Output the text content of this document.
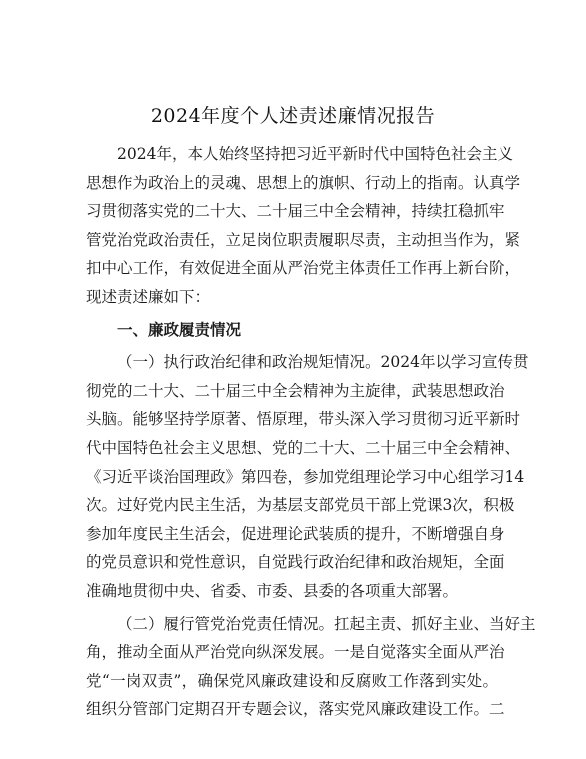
2024年度个人述责述廉情况报告
2024年，本人始终坚持把习近平新时代中国特色社会主义
思想作为政治上的灵魂、思想上的旗帜、行动上的指南。认真学
习贯彻落实党的二十大、二十届三中全会精神，持续扛稳抓牢
管党治党政治责任，立足岗位职责履职尽责，主动担当作为，紧
扣中心工作，有效促进全面从严治党主体责任工作再上新台阶，
现述责述廉如下：
一、廉政履责情况
（一）执行政治纪律和政治规矩情况。2024年以学习宣传贯
彻党的二十大、二十届三中全会精神为主旋律，武装思想政治
头脑。能够坚持学原著、悟原理，带头深入学习贯彻习近平新时
代中国特色社会主义思想、党的二十大、二十届三中全会精神、
《习近平谈治国理政》第四卷，参加党组理论学习中心组学习14
次。过好党内民主生活，为基层支部党员干部上党课3次，积极
参加年度民主生活会，促进理论武装质的提升，不断增强自身
的党员意识和党性意识，自觉践行政治纪律和政治规矩，全面
准确地贯彻中央、省委、市委、县委的各项重大部署。
（二）履行管党治党责任情况。扛起主责、抓好主业、当好主
角，推动全面从严治党向纵深发展。一是自觉落实全面从严治
党“一岗双责”，确保党风廉政建设和反腐败工作落到实处。
组织分管部门定期召开专题会议，落实党风廉政建设工作。二
